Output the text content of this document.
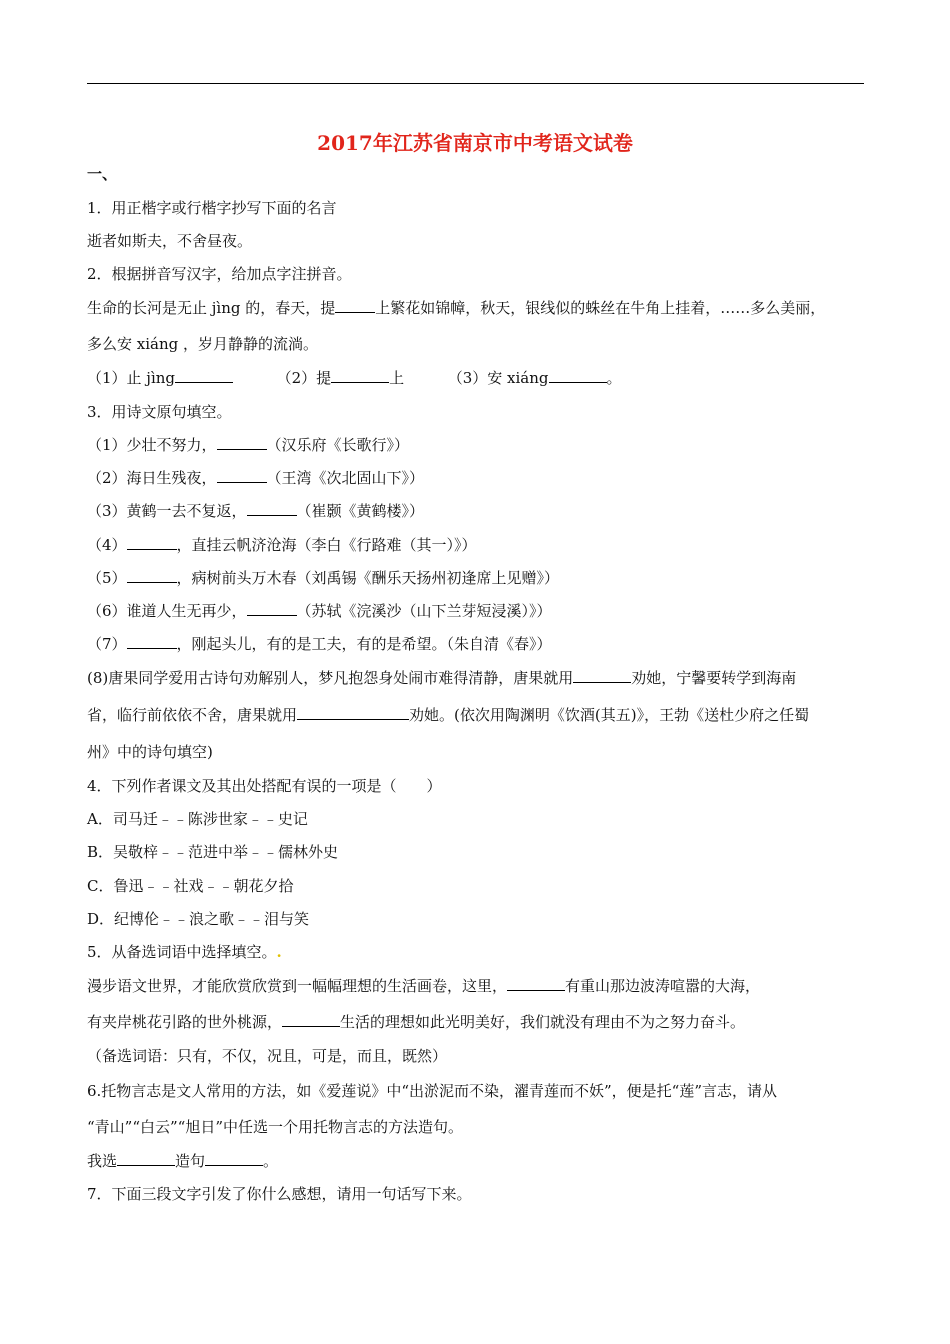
2017年江苏省南京市中考语文试卷
一、
1．用正楷字或行楷字抄写下面的名言
逝者如斯夫，不舍昼夜。
2．根据拼音写汉字，给加点字注拼音。
生命的长河是无止 jìng 的，春天，提	上繁花如锦幛，秋天，银线似的蛛丝在牛角上挂着，……多么美丽，
多么安 xiáng ，岁月静静的流淌。
（1）止 jìng	（2）提	上	（3）安 xiáng	。
3．用诗文原句填空。
（1）少壮不努力，	（汉乐府《长歌行》）
（2）海日生残夜，	（王湾《次北固山下》）
（3）黄鹤一去不复返，	（崔颢《黄鹤楼》）
（4）	，直挂云帆济沧海（李白《行路难（其一）》）
（5）	，病树前头万木春（刘禹锡《酬乐天扬州初逢席上见赠》）
（6）谁道人生无再少，	（苏轼《浣溪沙（山下兰芽短浸溪）》）
（7）	，刚起头儿，有的是工夫，有的是希望。（朱自清《春》）
(8)唐果同学爱用古诗句劝解别人，梦凡抱怨身处闹市难得清静，唐果就用	劝她，宁馨要转学到海南
省，临行前依依不舍，唐果就用	劝她。(依次用陶渊明《饮酒(其五)》，王勃《送杜少府之任蜀
州》中的诗句填空)
4．下列作者课文及其出处搭配有误的一项是（　　）
A．司马迁﹣﹣陈涉世家﹣﹣史记
B．吴敬梓﹣﹣范进中举﹣﹣儒林外史
C．鲁迅﹣﹣社戏﹣﹣朝花夕拾
D．纪博伦﹣﹣浪之歌﹣﹣泪与笑
5．从备选词语中选择填空。.
漫步语文世界，才能欣赏欣赏到一幅幅理想的生活画卷，这里，	有重山那边波涛喧嚣的大海，
有夹岸桃花引路的世外桃源，	生活的理想如此光明美好，我们就没有理由不为之努力奋斗。
（备选词语：只有，不仅，况且，可是，而且，既然）
6.托物言志是文人常用的方法，如《爱莲说》中“出淤泥而不染，濯青莲而不妖”，便是托“莲”言志，请从
“青山”“白云”“旭日”中任选一个用托物言志的方法造句。
我选	造句	。
7．下面三段文字引发了你什么感想，请用一句话写下来。
